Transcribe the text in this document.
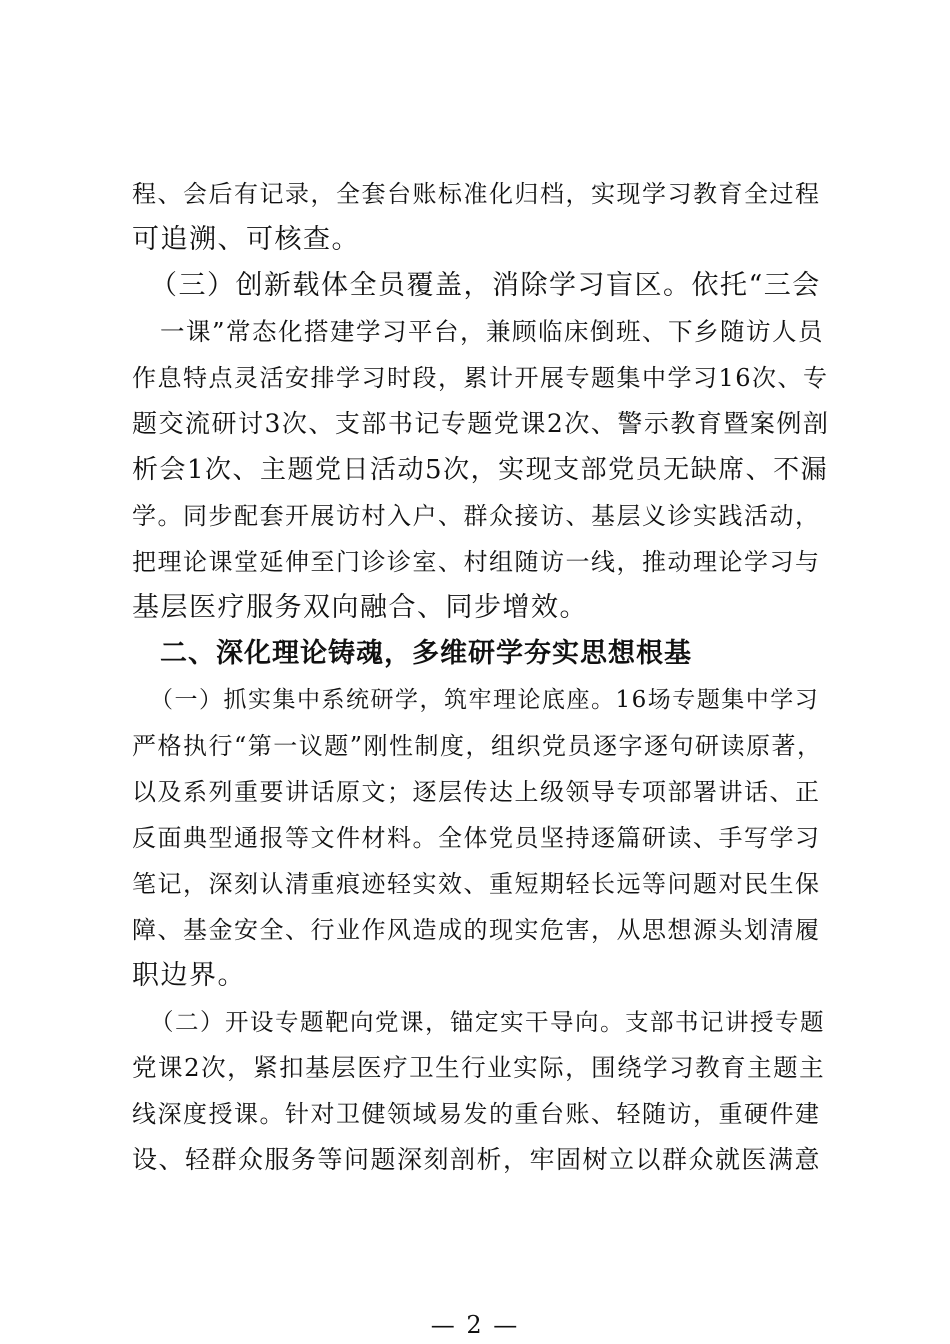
程、会后有记录，全套台账标准化归档，实现学习教育全过程
可追溯、可核查。
（三）创新载体全员覆盖，消除学习盲区。依托“三会
一课”常态化搭建学习平台，兼顾临床倒班、下乡随访人员
作息特点灵活安排学习时段，累计开展专题集中学习16次、专
题交流研讨3次、支部书记专题党课2次、警示教育暨案例剖
析会1次、主题党日活动5次，实现支部党员无缺席、不漏
学。同步配套开展访村入户、群众接访、基层义诊实践活动，
把理论课堂延伸至门诊诊室、村组随访一线，推动理论学习与
基层医疗服务双向融合、同步增效。
二、深化理论铸魂，多维研学夯实思想根基
（一）抓实集中系统研学，筑牢理论底座。16场专题集中学习
严格执行“第一议题”刚性制度，组织党员逐字逐句研读原著，
以及系列重要讲话原文；逐层传达上级领导专项部署讲话、正
反面典型通报等文件材料。全体党员坚持逐篇研读、手写学习
笔记，深刻认清重痕迹轻实效、重短期轻长远等问题对民生保
障、基金安全、行业作风造成的现实危害，从思想源头划清履
职边界。
（二）开设专题靶向党课，锚定实干导向。支部书记讲授专题
党课2次，紧扣基层医疗卫生行业实际，围绕学习教育主题主
线深度授课。针对卫健领域易发的重台账、轻随访，重硬件建
设、轻群众服务等问题深刻剖析，牢固树立以群众就医满意
— 2 —
